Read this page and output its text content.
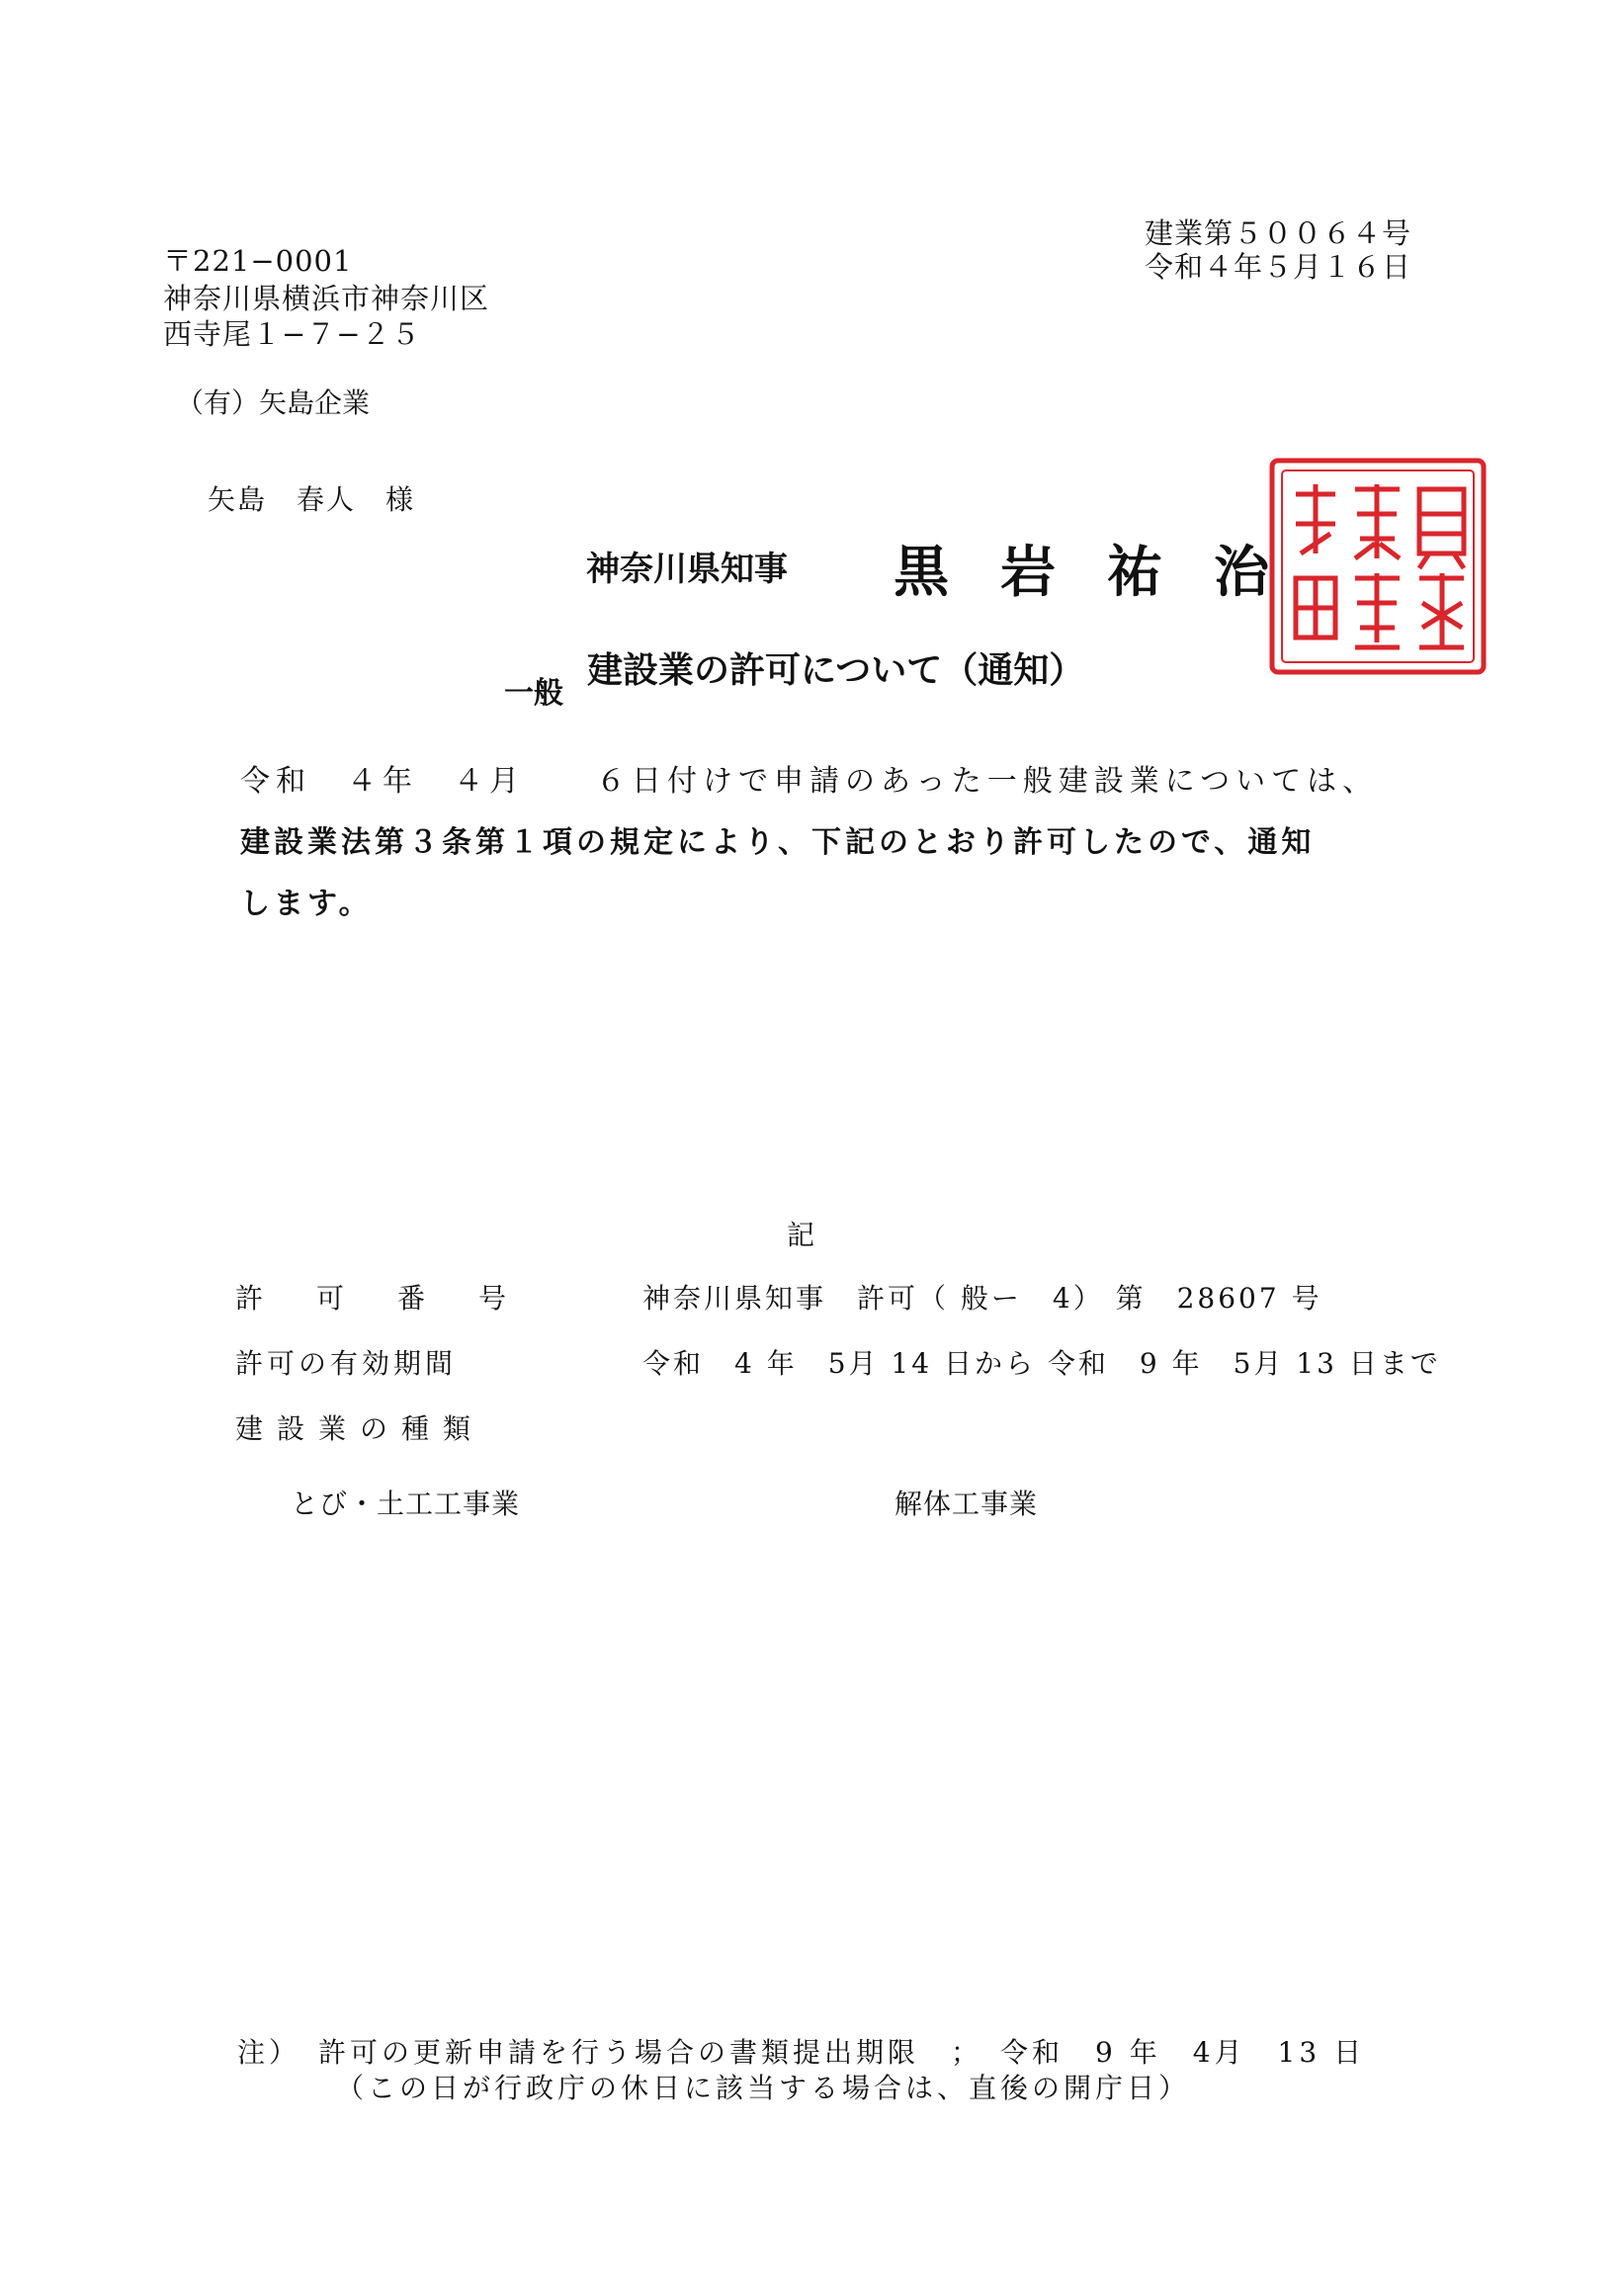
〒221−0001
神奈川県横浜市神奈川区
西寺尾１−７−２５
（有）矢島企業
矢島　春人　様
建業第５００６４号
令和４年５月１６日
神奈川県知事 黒岩祐治
一般
建設業の許可について（通知）
令和　４年　４月　　６日付けで申請のあった一般建設業については、
建設業法第３条第１項の規定により、下記のとおり許可したので、通知
します。
記
許　可　番　号	神奈川県知事　許可（ 般ー　4） 第　28607 号
許可の有効期間	令和　4 年　5月 14 日から 令和　9 年　5月 13 日まで
建設業の種類
とび・土工工事業	解体工事業
注）　許可の更新申請を行う場合の書類提出期限　；　令和　9 年　4月　13 日
（この日が行政庁の休日に該当する場合は、直後の開庁日）
